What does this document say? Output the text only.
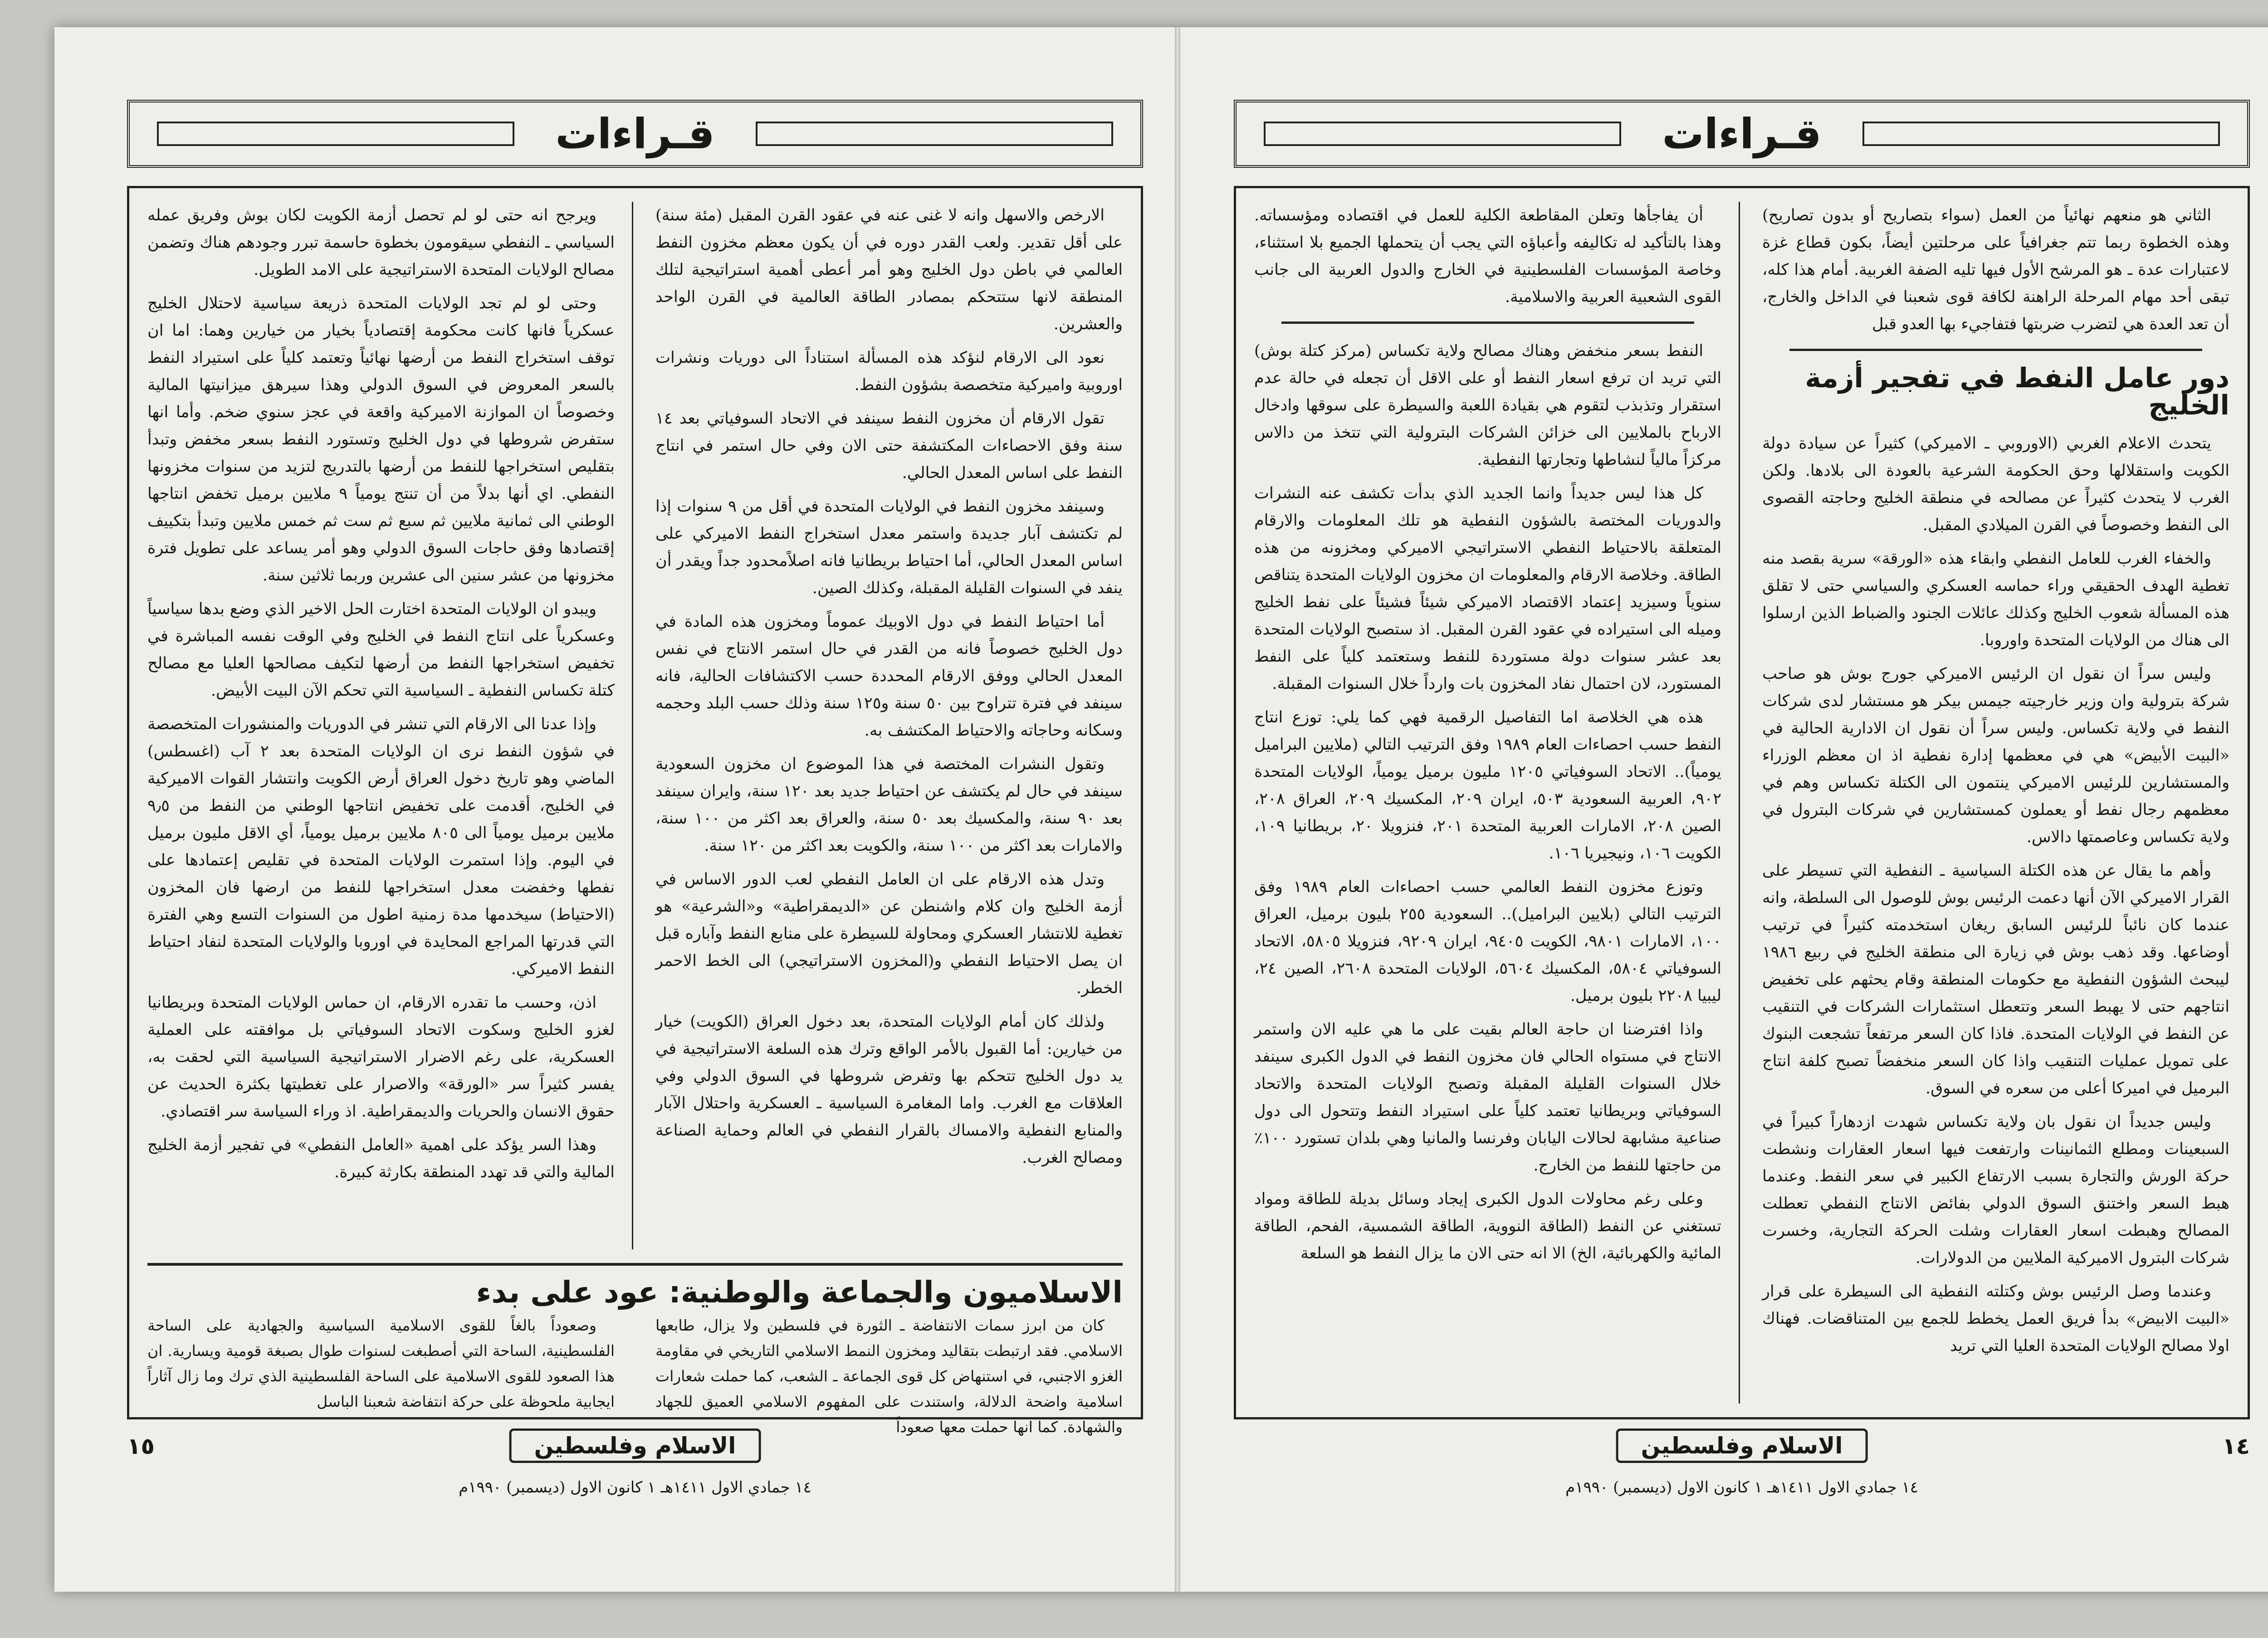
قـراءات

الارخص والاسهل وانه لا غنى عنه في عقود القرن المقبل (مئة سنة) على أقل تقدير. ولعب القدر دوره في أن يكون معظم مخزون النفط العالمي في باطن دول الخليج وهو أمر أعطى أهمية استراتيجية لتلك المنطقة لانها ستتحكم بمصادر الطاقة العالمية في القرن الواحد والعشرين.

نعود الى الارقام لنؤكد هذه المسألة استناداً الى دوريات ونشرات اوروبية واميركية متخصصة بشؤون النفط.

تقول الارقام أن مخزون النفط سينفد في الاتحاد السوفياتي بعد ١٤ سنة وفق الاحصاءات المكتشفة حتى الان وفي حال استمر في انتاج النفط على اساس المعدل الحالي.

وسينفد مخزون النفط في الولايات المتحدة في أقل من ٩ سنوات إذا لم تكتشف آبار جديدة واستمر معدل استخراج النفط الاميركي على اساس المعدل الحالي، أما احتياط بريطانيا فانه اصلاًمحدود جداً ويقدر أن ينفد في السنوات القليلة المقبلة، وكذلك الصين.

أما احتياط النفط في دول الاوبيك عموماً ومخزون هذه المادة في دول الخليج خصوصاً فانه من القدر في حال استمر الانتاج في نفس المعدل الحالي ووفق الارقام المحددة حسب الاكتشافات الحالية، فانه سينفد في فترة تتراوح بين ٥٠ سنة و١٢٥ سنة وذلك حسب البلد وحجمه وسكانه وحاجاته والاحتياط المكتشف به.

وتقول النشرات المختصة في هذا الموضوع ان مخزون السعودية سينفد في حال لم يكتشف عن احتياط جديد بعد ١٢٠ سنة، وايران سينفد بعد ٩٠ سنة، والمكسيك بعد ٥٠ سنة، والعراق بعد اكثر من ١٠٠ سنة، والامارات بعد اكثر من ١٠٠ سنة، والكويت بعد اكثر من ١٢٠ سنة.

وتدل هذه الارقام على ان العامل النفطي لعب الدور الاساس في أزمة الخليج وان كلام واشنطن عن «الديمقراطية» و«الشرعية» هو تغطية للانتشار العسكري ومحاولة للسيطرة على منابع النفط وآباره قبل ان يصل الاحتياط النفطي و(المخزون الاستراتيجي) الى الخط الاحمر الخطر.

ولذلك كان أمام الولايات المتحدة، بعد دخول العراق (الكويت) خيار من خيارين: أما القبول بالأمر الواقع وترك هذه السلعة الاستراتيجية في يد دول الخليج تتحكم بها وتفرض شروطها في السوق الدولي وفي العلاقات مع الغرب. واما المغامرة السياسية ـ العسكرية واحتلال الآبار والمنابع النفطية والامساك بالقرار النفطي في العالم وحماية الصناعة ومصالح الغرب.

ويرجح انه حتى لو لم تحصل أزمة الكويت لكان بوش وفريق عمله السياسي ـ النفطي سيقومون بخطوة حاسمة تبرر وجودهم هناك وتضمن مصالح الولايات المتحدة الاستراتيجية على الامد الطويل.

وحتى لو لم تجد الولايات المتحدة ذريعة سياسية لاحتلال الخليج عسكرياً فانها كانت محكومة إقتصادياً بخيار من خيارين وهما: اما ان توقف استخراج النفط من أرضها نهائياً وتعتمد كلياً على استيراد النفط بالسعر المعروض في السوق الدولي وهذا سيرهق ميزانيتها المالية وخصوصاً ان الموازنة الاميركية واقعة في عجز سنوي ضخم. وأما انها ستفرض شروطها في دول الخليج وتستورد النفط بسعر مخفض وتبدأ بتقليص استخراجها للنفط من أرضها بالتدريج لتزيد من سنوات مخزونها النفطي. اي أنها بدلاً من أن تنتج يومياً ٩ ملايين برميل تخفض انتاجها الوطني الى ثمانية ملايين ثم سبع ثم ست ثم خمس ملايين وتبدأ بتكييف إقتصادها وفق حاجات السوق الدولي وهو أمر يساعد على تطويل فترة مخزونها من عشر سنين الى عشرين وربما ثلاثين سنة.

ويبدو ان الولايات المتحدة اختارت الحل الاخير الذي وضع بدها سياسياً وعسكرياً على انتاج النفط في الخليج وفي الوقت نفسه المباشرة في تخفيض استخراجها النفط من أرضها لتكيف مصالحها العليا مع مصالح كتلة تكساس النفطية ـ السياسية التي تحكم الآن البيت الأبيض.

وإذا عدنا الى الارقام التي تنشر في الدوريات والمنشورات المتخصصة في شؤون النفط نرى ان الولايات المتحدة بعد ٢ آب (اغسطس) الماضي وهو تاريخ دخول العراق أرض الكويت وانتشار القوات الاميركية في الخليج، أقدمت على تخفيض انتاجها الوطني من النفط من ٩٫٥ ملايين برميل يومياً الى ٨٠٥ ملايين برميل يومياً، أي الاقل مليون برميل في اليوم. وإذا استمرت الولايات المتحدة في تقليص إعتمادها على نفطها وخفضت معدل استخراجها للنفط من ارضها فان المخزون (الاحتياط) سيخدمها مدة زمنية اطول من السنوات التسع وهي الفترة التي قدرتها المراجع المحايدة في اوروبا والولايات المتحدة لنفاد احتياط النفط الاميركي.

اذن، وحسب ما تقدره الارقام، ان حماس الولايات المتحدة وبريطانيا لغزو الخليج وسكوت الاتحاد السوفياتي بل موافقته على العملية العسكرية، على رغم الاضرار الاستراتيجية السياسية التي لحقت به، يفسر كثيراً سر «الورقة» والاصرار على تغطيتها بكثرة الحديث عن حقوق الانسان والحريات والديمقراطية. اذ وراء السياسة سر اقتصادي.

وهذا السر يؤكد على اهمية «العامل النفطي» في تفجير أزمة الخليج المالية والتي قد تهدد المنطقة بكارثة كبيرة.

الاسلاميون والجماعة والوطنية: عود على بدء

كان من ابرز سمات الانتفاضة ـ الثورة في فلسطين ولا يزال، طابعها الاسلامي. فقد ارتبطت بتقاليد ومخزون النمط الاسلامي التاريخي في مقاومة الغزو الاجنبي، في استنهاض كل قوى الجماعة ـ الشعب، كما حملت شعارات اسلامية واضحة الدلالة، واستندت على المفهوم الاسلامي العميق للجهاد والشهادة. كما انها حملت معها صعوداً

وصعوداً بالغاً للقوى الاسلامية السياسية والجهادية على الساحة الفلسطينية، الساحة التي أصطبغت لسنوات طوال بصبغة قومية ويسارية. ان هذا الصعود للقوى الاسلامية على الساحة الفلسطينية الذي ترك وما زال آثاراً ايجابية ملحوظة على حركة انتفاضة شعبنا الباسل

١٥	الاسلام وفلسطين
١٤ جمادي الاول ١٤١١هـ ١ كانون الاول (ديسمبر) ١٩٩٠م
قـراءات

الثاني هو منعهم نهائياً من العمل (سواء بتصاريح أو بدون تصاريح) وهذه الخطوة ربما تتم جغرافياً على مرحلتين أيضاً، بكون قطاع غزة لاعتبارات عدة ـ هو المرشح الأول فيها تليه الضفة الغربية. أمام هذا كله، تبقى أحد مهام المرحلة الراهنة لكافة قوى شعبنا في الداخل والخارج، أن تعد العدة هي لتضرب ضربتها فتفاجيء بها العدو قبل

دور عامل النفط في تفجير أزمة الخليج

يتحدث الاعلام الغربي (الاوروبي ـ الاميركي) كثيراً عن سيادة دولة الكويت واستقلالها وحق الحكومة الشرعية بالعودة الى بلادها. ولكن الغرب لا يتحدث كثيراً عن مصالحه في منطقة الخليج وحاجته القصوى الى النفط وخصوصاً في القرن الميلادي المقبل.

والخفاء الغرب للعامل النفطي وابقاء هذه «الورقة» سرية بقصد منه تغطية الهدف الحقيقي وراء حماسه العسكري والسياسي حتى لا تقلق هذه المسألة شعوب الخليج وكذلك عائلات الجنود والضباط الذين ارسلوا الى هناك من الولايات المتحدة واوروبا.

وليس سراً ان نقول ان الرئيس الاميركي جورج بوش هو صاحب شركة بترولية وان وزير خارجيته جيمس بيكر هو مستشار لدى شركات النفط في ولاية تكساس. وليس سراً أن نقول ان الادارية الحالية في «البيت الأبيض» هي في معظمها إدارة نفطية اذ ان معظم الوزراء والمستشارين للرئيس الاميركي ينتمون الى الكتلة تكساس وهم في معظمهم رجال نفط أو يعملون كمستشارين في شركات البترول في ولاية تكساس وعاصمتها دالاس.

وأهم ما يقال عن هذه الكتلة السياسية ـ النفطية التي تسيطر على القرار الاميركي الآن أنها دعمت الرئيس بوش للوصول الى السلطة، وانه عندما كان نائباً للرئيس السابق ريغان استخدمته كثيراً في ترتيب أوضاعها. وقد ذهب بوش في زيارة الى منطقة الخليج في ربيع ١٩٨٦ ليبحث الشؤون النفطية مع حكومات المنطقة وقام يحثهم على تخفيض انتاجهم حتى لا يهبط السعر وتتعطل استثمارات الشركات في التنقيب عن النفط في الولايات المتحدة. فاذا كان السعر مرتفعاً تشجعت البنوك على تمويل عمليات التنقيب واذا كان السعر منخفضاً تصبح كلفة انتاج البرميل في اميركا أعلى من سعره في السوق.

وليس جديداً ان نقول بان ولاية تكساس شهدت ازدهاراً كبيراً في السبعينات ومطلع الثمانينات وارتفعت فيها اسعار العقارات ونشطت حركة الورش والتجارة بسبب الارتفاع الكبير في سعر النفط. وعندما هبط السعر واختنق السوق الدولي بفائض الانتاج النفطي تعطلت المصالح وهبطت اسعار العقارات وشلت الحركة التجارية، وخسرت شركات البترول الاميركية الملايين من الدولارات.

وعندما وصل الرئيس بوش وكتلته النفطية الى السيطرة على قرار «البيت الابيض» بدأ فريق العمل يخطط للجمع بين المتناقضات. فهناك اولا مصالح الولايات المتحدة العليا التي تريد

أن يفاجأها وتعلن المقاطعة الكلية للعمل في اقتصاده ومؤسساته. وهذا بالتأكيد له تكاليفه وأعباؤه التي يجب أن يتحملها الجميع بلا استثناء، وخاصة المؤسسات الفلسطينية في الخارج والدول العربية الى جانب القوى الشعبية العربية والاسلامية.

النفط بسعر منخفض وهناك مصالح ولاية تكساس (مركز كتلة بوش) التي تريد ان ترفع اسعار النفط أو على الاقل أن تجعله في حالة عدم استقرار وتذبذب لتقوم هي بقيادة اللعبة والسيطرة على سوقها وادخال الارباح بالملايين الى خزائن الشركات البترولية التي تتخذ من دالاس مركزاً مالياً لنشاطها وتجارتها النفطية.

كل هذا ليس جديداً وانما الجديد الذي بدأت تكشف عنه النشرات والدوريات المختصة بالشؤون النفطية هو تلك المعلومات والارقام المتعلقة بالاحتياط النفطي الاستراتيجي الاميركي ومخزونه من هذه الطاقة. وخلاصة الارقام والمعلومات ان مخزون الولايات المتحدة يتناقص سنوياً وسيزيد إعتماد الاقتصاد الاميركي شيئاً فشيئاً على نفط الخليج وميله الى استيراده في عقود القرن المقبل. اذ ستصبح الولايات المتحدة بعد عشر سنوات دولة مستوردة للنفط وستعتمد كلياً على النفط المستورد، لان احتمال نفاد المخزون بات وارداً خلال السنوات المقبلة.

هذه هي الخلاصة اما التفاصيل الرقمية فهي كما يلي: توزع انتاج النفط حسب احصاءات العام ١٩٨٩ وفق الترتيب التالي (ملايين البراميل يومياً).. الاتحاد السوفياتي ١٢٠٥ مليون برميل يومياً، الولايات المتحدة ٩٠٢، العربية السعودية ٥٠٣، ايران ٢٠٩، المكسيك ٢٠٩، العراق ٢٠٨، الصين ٢٠٨، الامارات العربية المتحدة ٢٠١، فنزويلا ٢٠، بريطانيا ١٠٩، الكويت ١٠٦، ونيجيريا ١٠٦.

وتوزع مخزون النفط العالمي حسب احصاءات العام ١٩٨٩ وفق الترتيب التالي (بلايين البراميل).. السعودية ٢٥٥ بليون برميل، العراق ١٠٠، الامارات ٩٨٠١، الكويت ٩٤٠٥، ايران ٩٢٠٩، فنزويلا ٥٨٠٥، الاتحاد السوفياتي ٥٨٠٤، المكسيك ٥٦٠٤، الولايات المتحدة ٢٦٠٨، الصين ٢٤، ليبيا ٢٢٠٨ بليون برميل.

واذا افترضنا ان حاجة العالم بقيت على ما هي عليه الان واستمر الانتاج في مستواه الحالي فان مخزون النفط في الدول الكبرى سينفد خلال السنوات القليلة المقبلة وتصبح الولايات المتحدة والاتحاد السوفياتي وبريطانيا تعتمد كلياً على استيراد النفط وتتحول الى دول صناعية مشابهة لحالات اليابان وفرنسا والمانيا وهي بلدان تستورد ١٠٠٪ من حاجتها للنفط من الخارج.

وعلى رغم محاولات الدول الكبرى إيجاد وسائل بديلة للطاقة ومواد تستغني عن النفط (الطاقة النووية، الطاقة الشمسية، الفحم، الطاقة المائية والكهربائية، الخ) الا انه حتى الان ما يزال النفط هو السلعة

١٤
الاسلام وفلسطين
١٤ جمادي الاول ١٤١١هـ ١ كانون الاول (ديسمبر) ١٩٩٠م
